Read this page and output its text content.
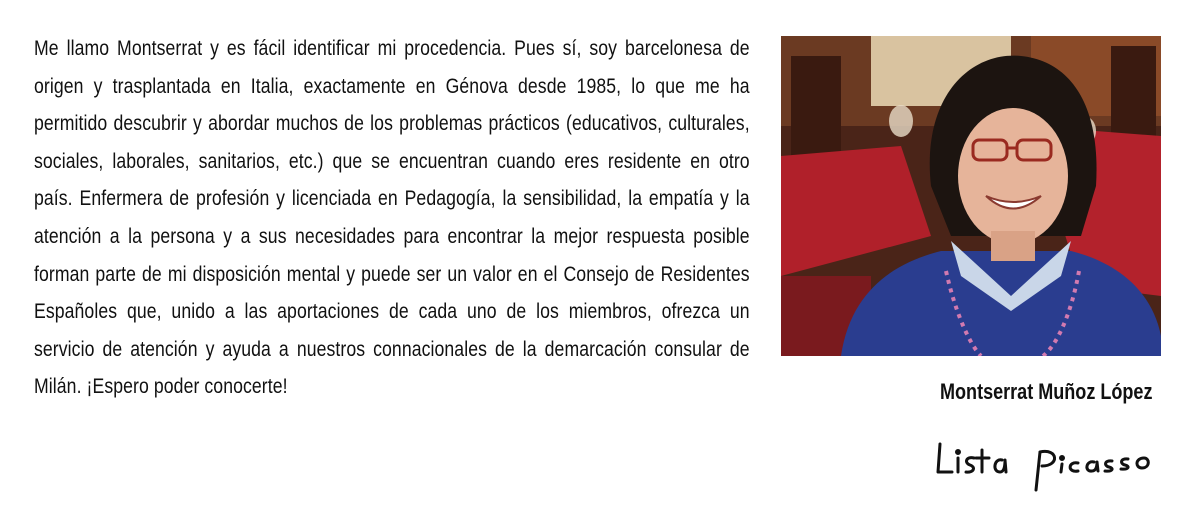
Me llamo Montserrat y es fácil identificar mi procedencia. Pues sí, soy barcelonesa de origen y trasplantada en Italia, exactamente en Génova desde 1985, lo que me ha permitido descubrir y abordar muchos de los problemas prácticos (educativos, culturales, sociales, laborales, sanitarios, etc.) que se encuentran cuando eres residente en otro país. Enfermera de profesión y licenciada en Pedagogía, la sensibilidad, la empatía y la atención a la persona y a sus necesidades para encontrar la mejor respuesta posible forman parte de mi disposición mental y puede ser un valor en el Consejo de Residentes Españoles que, unido a las aportaciones de cada uno de los miembros, ofrezca un servicio de atención y ayuda a nuestros connacionales de la demarcación consular de Milán. ¡Espero poder conocerte!	Montserrat Muñoz López
